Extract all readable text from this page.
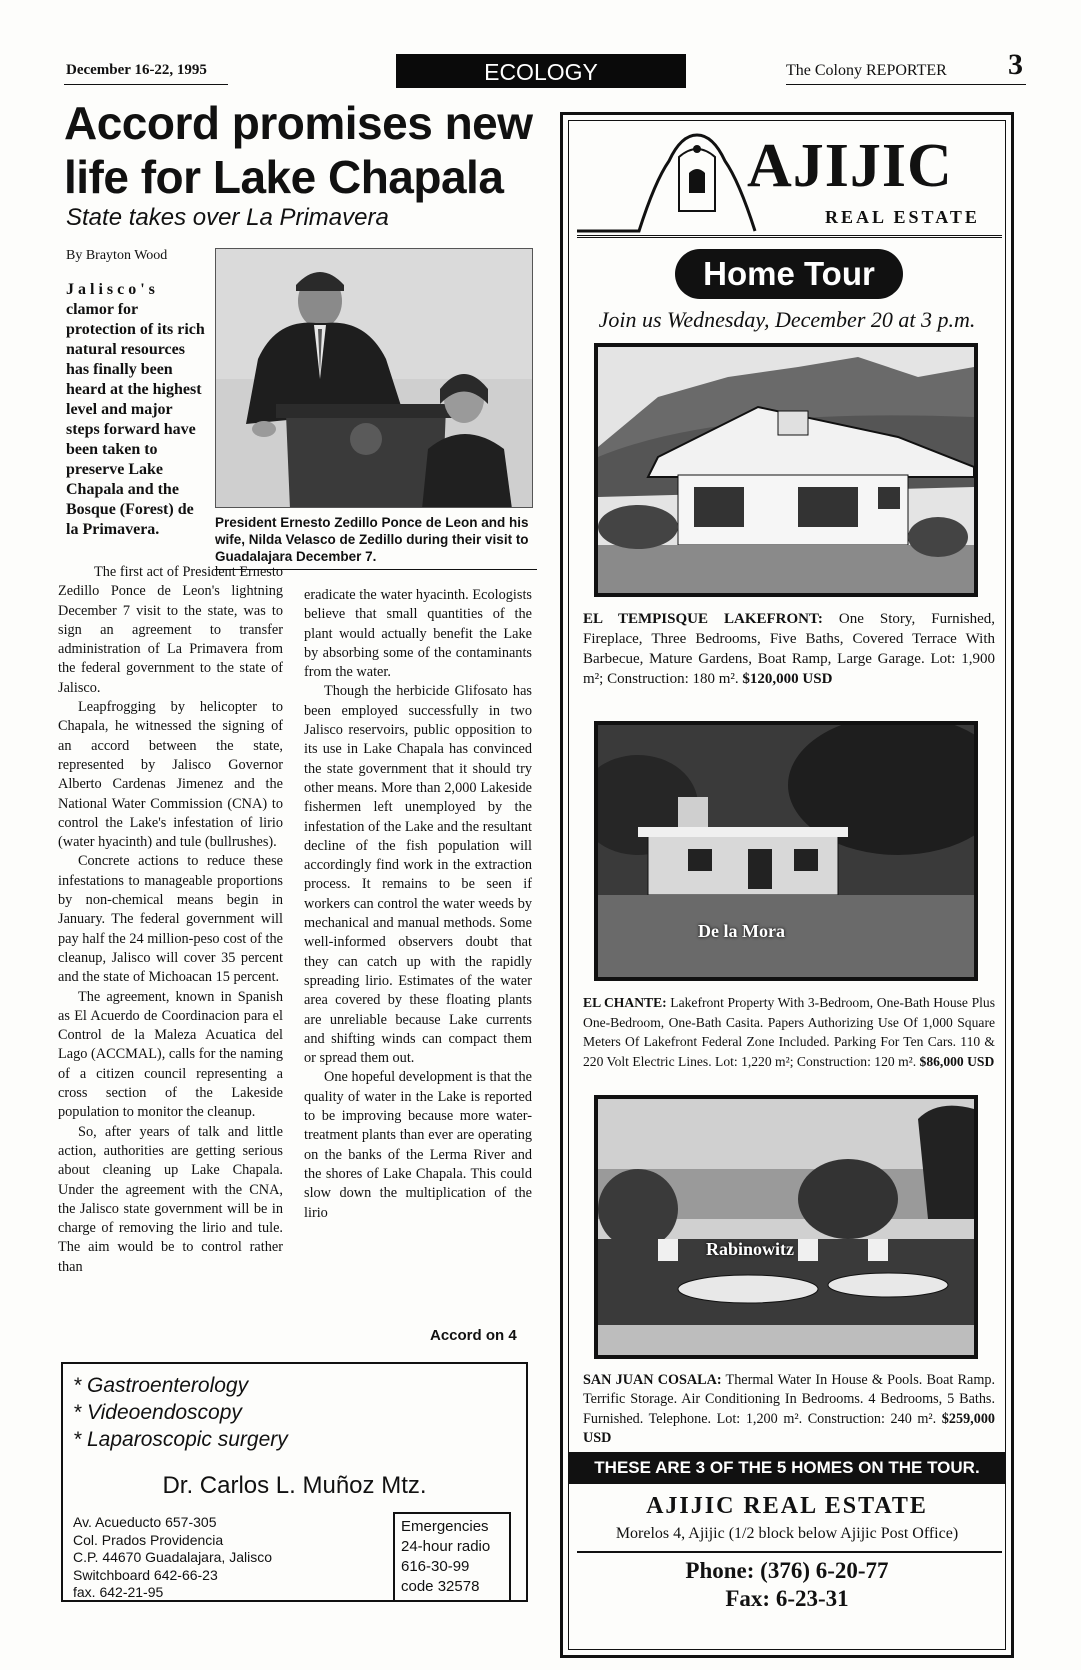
December 16-22, 1995	ECOLOGY	The Colony REPORTER 3
Accord promises new life for Lake Chapala
State takes over La Primavera
By Brayton Wood
President Ernesto Zedillo Ponce de Leon and his wife, Nilda Velasco de Zedillo during their visit to Guadalajara December 7.
Jalisco's clamor for protection of its rich natural resources has finally been heard at the highest level and major steps forward have been taken to preserve Lake Chapala and the Bosque (Forest) de la Primavera.

The first act of President Ernesto Zedillo Ponce de Leon's lightning December 7 visit to the state, was to sign an agreement to transfer administration of La Primavera from the federal government to the state of Jalisco.

Leapfrogging by helicopter to Chapala, he witnessed the signing of an accord between the state, represented by Jalisco Governor Alberto Cardenas Jimenez and the National Water Commission (CNA) to control the Lake's infestation of lirio (water hyacinth) and tule (bullrushes).

Concrete actions to reduce these infestations to manageable proportions by non-chemical means begin in January. The federal government will pay half the 24 million-peso cost of the cleanup, Jalisco will cover 35 percent and the state of Michoacan 15 percent.

The agreement, known in Spanish as El Acuerdo de Coordinacion para el Control de la Maleza Acuatica del Lago (ACCMAL), calls for the naming of a citizen council representing a cross section of the Lakeside population to monitor the cleanup.

So, after years of talk and little action, authorities are getting serious about cleaning up Lake Chapala. Under the agreement with the CNA, the Jalisco state government will be in charge of removing the lirio and tule. The aim would be to control rather than

eradicate the water hyacinth. Ecologists believe that small quantities of the plant would actually benefit the Lake by absorbing some of the contaminants from the water.

Though the herbicide Glifosato has been employed successfully in two Jalisco reservoirs, public opposition to its use in Lake Chapala has convinced the state government that it should try other means. More than 2,000 Lakeside fishermen left unemployed by the infestation of the Lake and the resultant decline of the fish population will accordingly find work in the extraction process. It remains to be seen if workers can control the water weeds by mechanical and manual methods. Some well-informed observers doubt that they can catch up with the rapidly spreading lirio. Estimates of the water area covered by these floating plants are unreliable because Lake currents and shifting winds can compact them or spread them out.

One hopeful development is that the quality of water in the Lake is reported to be improving because more water-treatment plants than ever are operating on the banks of the Lerma River and the shores of Lake Chapala. This could slow down the multiplication of the lirio

Accord on 4
* Gastroenterology
* Videoendoscopy
* Laparoscopic surgery
Dr. Carlos L. Muñoz Mtz.
Av. Acueducto 657-305
Col. Prados Providencia
C.P. 44670 Guadalajara, Jalisco
Switchboard 642-66-23
fax. 642-21-95
Emergencies
24-hour radio
616-30-99
code 32578
AJIJIC
REAL ESTATE
Home Tour
Join us Wednesday, December 20 at 3 p.m.
EL TEMPISQUE LAKEFRONT: One Story, Furnished, Fireplace, Three Bedrooms, Five Baths, Covered Terrace With Barbecue, Mature Gardens, Boat Ramp, Large Garage. Lot: 1,900 m²; Construction: 180 m². $120,000 USD
De la Mora
EL CHANTE: Lakefront Property With 3-Bedroom, One-Bath House Plus One-Bedroom, One-Bath Casita. Papers Authorizing Use Of 1,000 Square Meters Of Lakefront Federal Zone Included. Parking For Ten Cars. 110 & 220 Volt Electric Lines. Lot: 1,220 m²; Construction: 120 m². $86,000 USD
Rabinowitz
SAN JUAN COSALA: Thermal Water In House & Pools. Boat Ramp. Terrific Storage. Air Conditioning In Bedrooms. 4 Bedrooms, 5 Baths. Furnished. Telephone. Lot: 1,200 m². Construction: 240 m². $259,000 USD
THESE ARE 3 OF THE 5 HOMES ON THE TOUR.
AJIJIC REAL ESTATE
Morelos 4, Ajijic (1/2 block below Ajijic Post Office)
Phone: (376) 6-20-77
Fax: 6-23-31
